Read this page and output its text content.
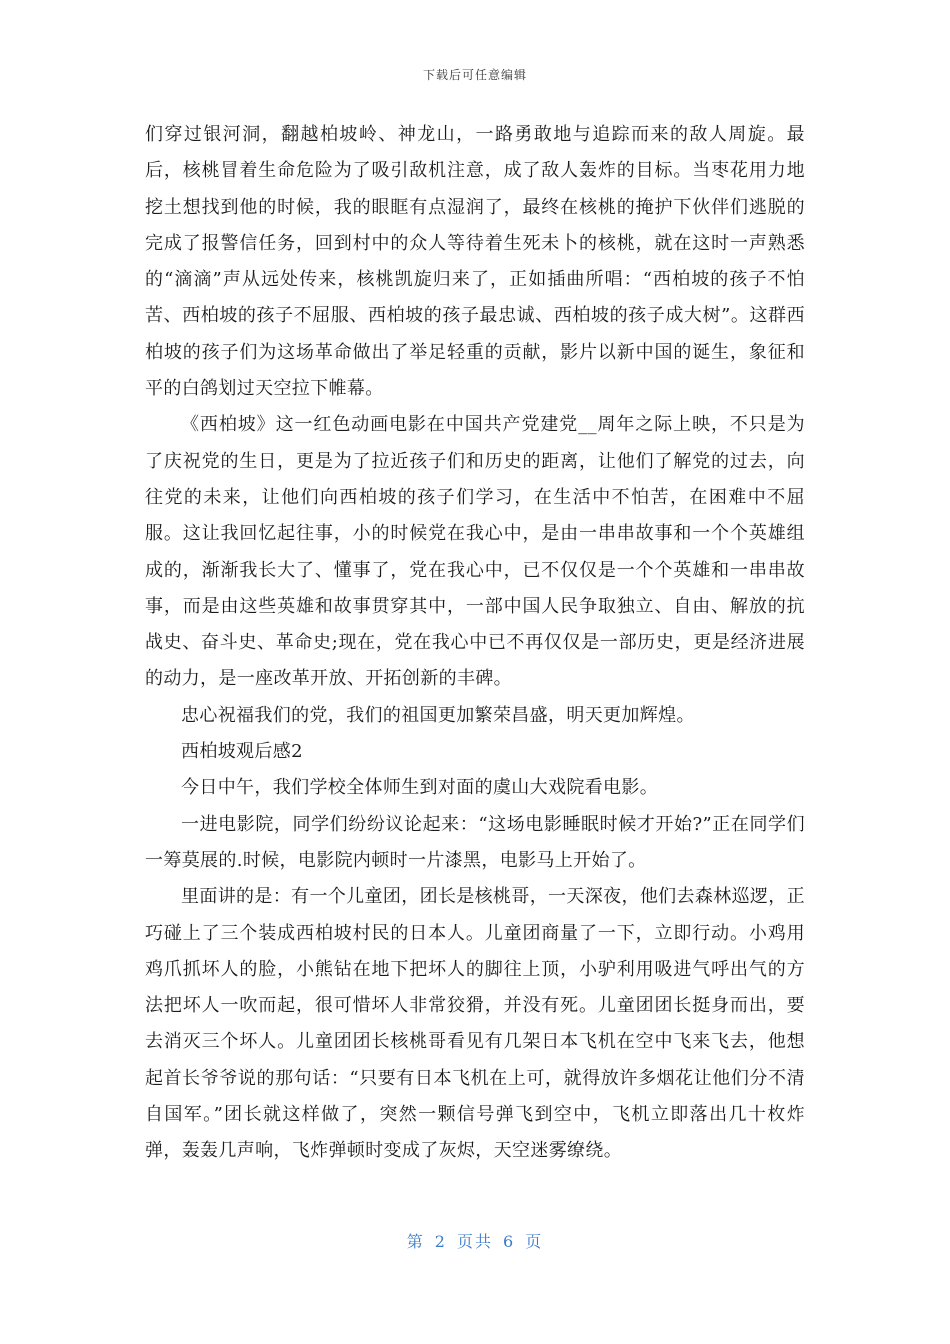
下载后可任意编辑

们穿过银河洞，翻越柏坡岭、神龙山，一路勇敢地与追踪而来的敌人周旋。最后，核桃冒着生命危险为了吸引敌机注意，成了敌人轰炸的目标。当枣花用力地挖土想找到他的时候，我的眼眶有点湿润了，最终在核桃的掩护下伙伴们逃脱的完成了报警信任务，回到村中的众人等待着生死未卜的核桃，就在这时一声熟悉的“滴滴”声从远处传来，核桃凯旋归来了，正如插曲所唱：“西柏坡的孩子不怕苦、西柏坡的孩子不屈服、西柏坡的孩子最忠诚、西柏坡的孩子成大树”。这群西柏坡的孩子们为这场革命做出了举足轻重的贡献，影片以新中国的诞生，象征和平的白鸽划过天空拉下帷幕。

《西柏坡》这一红色动画电影在中国共产党建党__周年之际上映，不只是为了庆祝党的生日，更是为了拉近孩子们和历史的距离，让他们了解党的过去，向往党的未来，让他们向西柏坡的孩子们学习，在生活中不怕苦，在困难中不屈服。这让我回忆起往事，小的时候党在我心中，是由一串串故事和一个个英雄组成的，渐渐我长大了、懂事了，党在我心中，已不仅仅是一个个英雄和一串串故事，而是由这些英雄和故事贯穿其中，一部中国人民争取独立、自由、解放的抗战史、奋斗史、革命史;现在，党在我心中已不再仅仅是一部历史，更是经济进展的动力，是一座改革开放、开拓创新的丰碑。

忠心祝福我们的党，我们的祖国更加繁荣昌盛，明天更加辉煌。

西柏坡观后感2

今日中午，我们学校全体师生到对面的虞山大戏院看电影。

一进电影院，同学们纷纷议论起来：“这场电影睡眠时候才开始?”正在同学们一筹莫展的.时候，电影院内顿时一片漆黑，电影马上开始了。

里面讲的是：有一个儿童团，团长是核桃哥，一天深夜，他们去森林巡逻，正巧碰上了三个装成西柏坡村民的日本人。儿童团商量了一下，立即行动。小鸡用鸡爪抓坏人的脸，小熊钻在地下把坏人的脚往上顶，小驴利用吸进气呼出气的方法把坏人一吹而起，很可惜坏人非常狡猾，并没有死。儿童团团长挺身而出，要去消灭三个坏人。儿童团团长核桃哥看见有几架日本飞机在空中飞来飞去，他想起首长爷爷说的那句话：“只要有日本飞机在上可，就得放许多烟花让他们分不清自国军。”团长就这样做了，突然一颗信号弹飞到空中，飞机立即落出几十枚炸弹，轰轰几声响，飞炸弹顿时变成了灰烬，天空迷雾缭绕。

第 2 页共 6 页
